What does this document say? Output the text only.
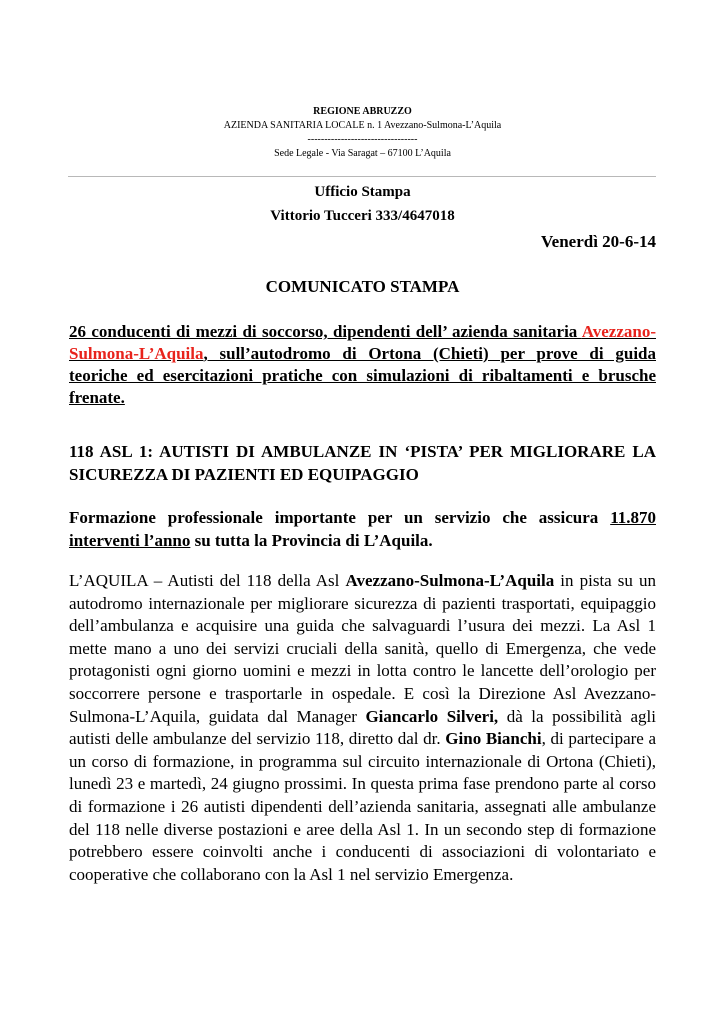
REGIONE ABRUZZO
AZIENDA SANITARIA LOCALE n. 1 Avezzano-Sulmona-L’Aquila
---------------------------------
Sede Legale - Via Saragat – 67100 L’Aquila
Ufficio Stampa
Vittorio Tucceri 333/4647018
Venerdì 20-6-14
COMUNICATO STAMPA
26 conducenti di mezzi di soccorso, dipendenti dell’ azienda sanitaria Avezzano-Sulmona-L’Aquila, sull’autodromo di Ortona (Chieti) per prove di guida teoriche ed esercitazioni pratiche con simulazioni di ribaltamenti e brusche frenate.
118 ASL 1: AUTISTI DI AMBULANZE IN ‘PISTA’ PER MIGLIORARE LA SICUREZZA DI PAZIENTI ED EQUIPAGGIO
Formazione professionale importante per un servizio che assicura 11.870 interventi l’anno su tutta la Provincia di L’Aquila.
L’AQUILA – Autisti del 118 della Asl Avezzano-Sulmona-L’Aquila in pista su un autodromo internazionale per migliorare sicurezza di pazienti trasportati, equipaggio dell’ambulanza e acquisire una guida che salvaguardi l’usura dei mezzi. La Asl 1 mette mano a uno dei servizi cruciali della sanità, quello di Emergenza, che vede protagonisti ogni giorno uomini e mezzi in lotta contro le lancette dell’orologio per soccorrere persone e trasportarle in ospedale. E così la Direzione Asl Avezzano-Sulmona-L’Aquila, guidata dal Manager Giancarlo Silveri, dà la possibilità agli autisti delle ambulanze del servizio 118, diretto dal dr. Gino Bianchi, di partecipare a un corso di formazione, in programma sul circuito internazionale di Ortona (Chieti), lunedì 23 e martedì, 24 giugno prossimi. In questa prima fase prendono parte al corso di formazione i 26 autisti dipendenti dell’azienda sanitaria, assegnati alle ambulanze del 118 nelle diverse postazioni e aree della Asl 1. In un secondo step di formazione potrebbero essere coinvolti anche i conducenti di associazioni di volontariato e cooperative che collaborano con la Asl 1 nel servizio Emergenza.
